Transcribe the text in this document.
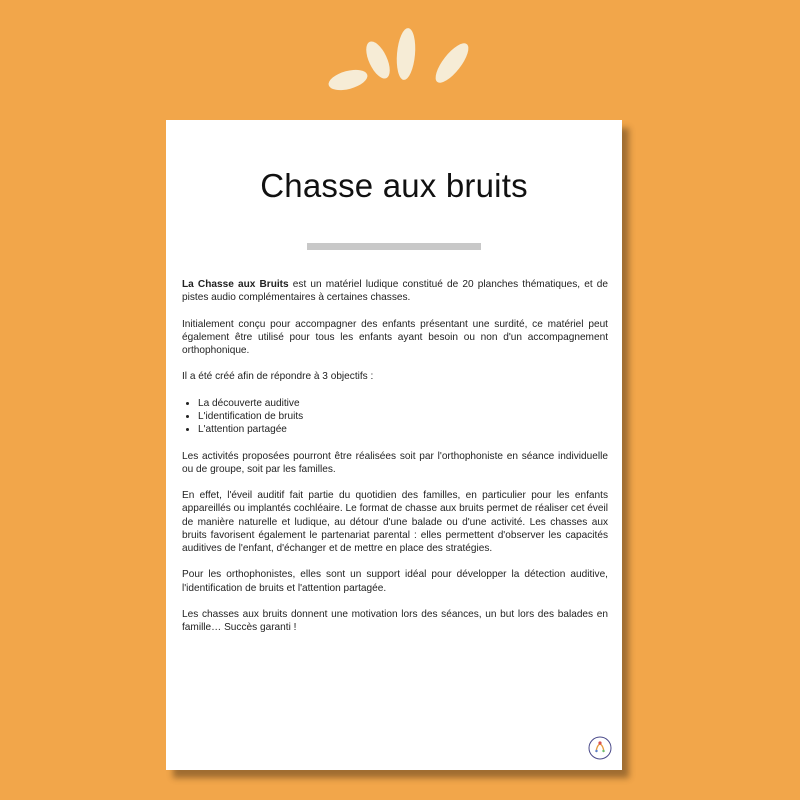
Chasse aux bruits

La Chasse aux Bruits est un matériel ludique constitué de 20 planches thématiques, et de pistes audio complémentaires à certaines chasses.

Initialement conçu pour accompagner des enfants présentant une surdité, ce matériel peut également être utilisé pour tous les enfants ayant besoin ou non d'un accompagnement orthophonique.

Il a été créé afin de répondre à 3 objectifs :

• La découverte auditive
• L'identification de bruits
• L'attention partagée

Les activités proposées pourront être réalisées soit par l'orthophoniste en séance individuelle ou de groupe, soit par les familles.

En effet, l'éveil auditif fait partie du quotidien des familles, en particulier pour les enfants appareillés ou implantés cochléaire. Le format de chasse aux bruits permet de réaliser cet éveil de manière naturelle et ludique, au détour d'une balade ou d'une activité. Les chasses aux bruits favorisent également le partenariat parental : elles permettent d'observer les capacités auditives de l'enfant, d'échanger et de mettre en place des stratégies.

Pour les orthophonistes, elles sont un support idéal pour développer la détection auditive, l'identification de bruits et l'attention partagée.

Les chasses aux bruits donnent une motivation lors des séances, un but lors des balades en famille… Succès garanti !
